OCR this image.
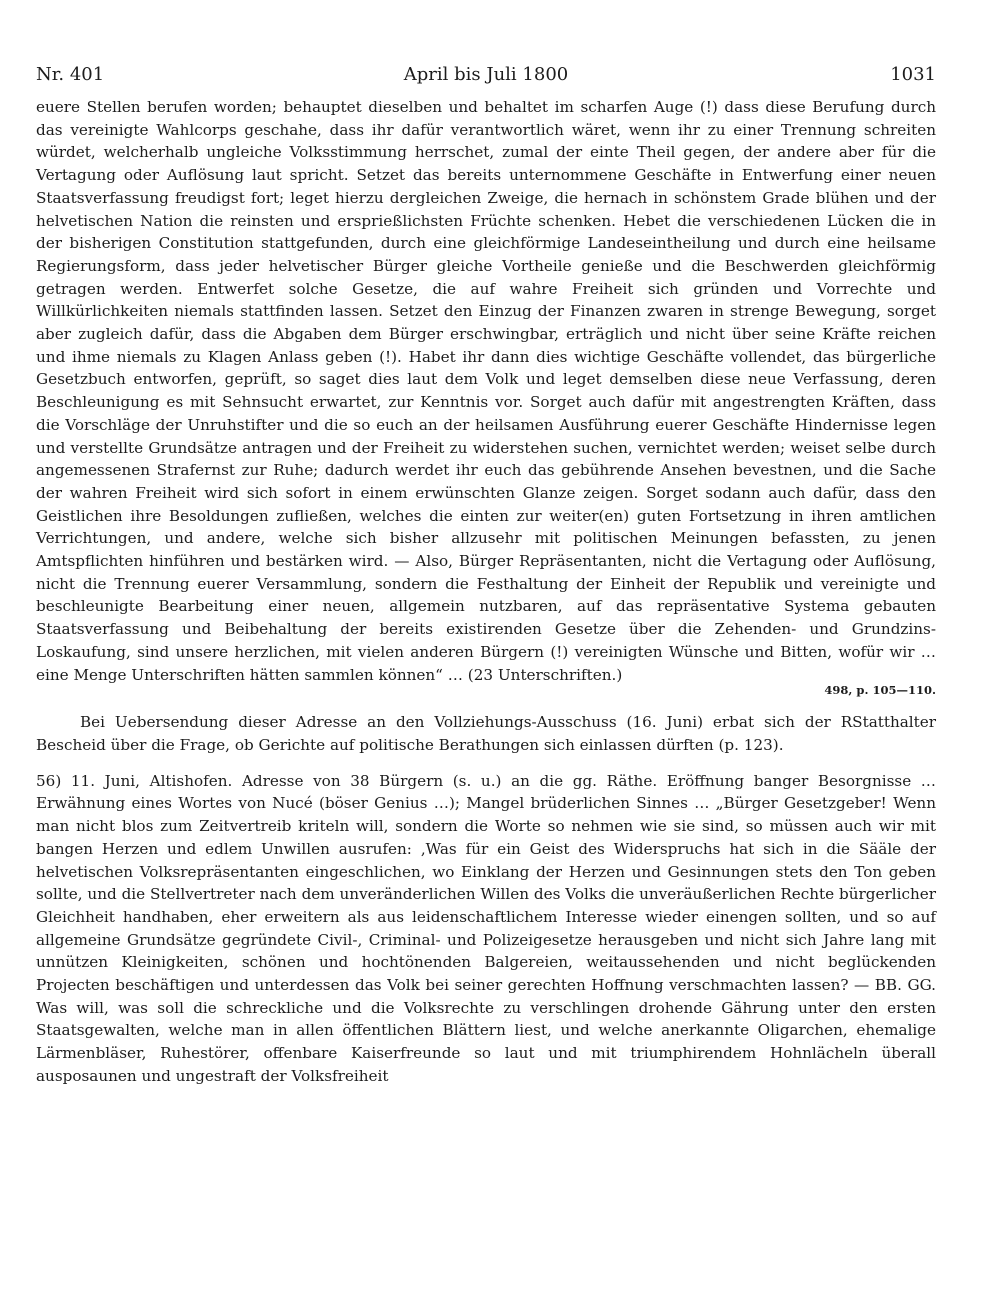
Nr. 401	April bis Juli 1800	1031

euere Stellen berufen worden; behauptet dieselben und behaltet im scharfen Auge (!) dass diese Berufung durch das vereinigte Wahlcorps geschahe, dass ihr dafür verantwortlich wäret, wenn ihr zu einer Trennung schreiten würdet, welcherhalb ungleiche Volksstimmung herrschet, zumal der einte Theil gegen, der andere aber für die Vertagung oder Auflösung laut spricht. Setzet das bereits unternommene Geschäfte in Entwerfung einer neuen Staatsverfassung freudigst fort; leget hierzu dergleichen Zweige, die hernach in schönstem Grade blühen und der helvetischen Nation die reinsten und ersprießlichsten Früchte schenken. Hebet die verschiedenen Lücken die in der bisherigen Constitution stattgefunden, durch eine gleichförmige Landeseintheilung und durch eine heilsame Regierungsform, dass jeder helvetischer Bürger gleiche Vortheile genieße und die Beschwerden gleichförmig getragen werden. Entwerfet solche Gesetze, die auf wahre Freiheit sich gründen und Vorrechte und Willkürlichkeiten niemals stattfinden lassen. Setzet den Einzug der Finanzen zwaren in strenge Bewegung, sorget aber zugleich dafür, dass die Abgaben dem Bürger erschwingbar, erträglich und nicht über seine Kräfte reichen und ihme niemals zu Klagen Anlass geben (!). Habet ihr dann dies wichtige Geschäfte vollendet, das bürgerliche Gesetzbuch entworfen, geprüft, so saget dies laut dem Volk und leget demselben diese neue Verfassung, deren Beschleunigung es mit Sehnsucht erwartet, zur Kenntnis vor. Sorget auch dafür mit angestrengten Kräften, dass die Vorschläge der Unruhstifter und die so euch an der heilsamen Ausführung euerer Geschäfte Hindernisse legen und verstellte Grundsätze antragen und der Freiheit zu widerstehen suchen, vernichtet werden; weiset selbe durch angemessenen Strafernst zur Ruhe; dadurch werdet ihr euch das gebührende Ansehen bevestnen, und die Sache der wahren Freiheit wird sich sofort in einem erwünschten Glanze zeigen. Sorget sodann auch dafür, dass den Geistlichen ihre Besoldungen zufließen, welches die einten zur weiter(en) guten Fortsetzung in ihren amtlichen Verrichtungen, und andere, welche sich bisher allzusehr mit politischen Meinungen befassten, zu jenen Amtspflichten hinführen und bestärken wird. — Also, Bürger Repräsentanten, nicht die Vertagung oder Auflösung, nicht die Trennung euerer Versammlung, sondern die Festhaltung der Einheit der Republik und vereinigte und beschleunigte Bearbeitung einer neuen, allgemein nutzbaren, auf das repräsentative Systema gebauten Staatsverfassung und Beibehaltung der bereits existirenden Gesetze über die Zehenden- und Grundzins-Loskaufung, sind unsere herzlichen, mit vielen anderen Bürgern (!) vereinigten Wünsche und Bitten, wofür wir … eine Menge Unterschriften hätten sammlen können“ … (23 Unterschriften.)

498, p. 105—110.

Bei Uebersendung dieser Adresse an den Vollziehungs-Ausschuss (16. Juni) erbat sich der RStatthalter Bescheid über die Frage, ob Gerichte auf politische Berathungen sich einlassen dürften (p. 123).

56) 11. Juni, Altishofen. Adresse von 38 Bürgern (s. u.) an die gg. Räthe. Eröffnung banger Besorgnisse … Erwähnung eines Wortes von Nucé (böser Genius …); Mangel brüderlichen Sinnes … „Bürger Gesetzgeber! Wenn man nicht blos zum Zeitvertreib kriteln will, sondern die Worte so nehmen wie sie sind, so müssen auch wir mit bangen Herzen und edlem Unwillen ausrufen: ‚Was für ein Geist des Widerspruchs hat sich in die Sääle der helvetischen Volksrepräsentanten eingeschlichen, wo Einklang der Herzen und Gesinnungen stets den Ton geben sollte, und die Stellvertreter nach dem unveränderlichen Willen des Volks die unveräußerlichen Rechte bürgerlicher Gleichheit handhaben, eher erweitern als aus leidenschaftlichem Interesse wieder einengen sollten, und so auf allgemeine Grundsätze gegründete Civil-, Criminal- und Polizeigesetze herausgeben und nicht sich Jahre lang mit unnützen Kleinigkeiten, schönen und hochtönenden Balgereien, weitaussehenden und nicht beglückenden Projecten beschäftigen und unterdessen das Volk bei seiner gerechten Hoffnung verschmachten lassen? — BB. GG. Was will, was soll die schreckliche und die Volksrechte zu verschlingen drohende Gährung unter den ersten Staatsgewalten, welche man in allen öffentlichen Blättern liest, und welche anerkannte Oligarchen, ehemalige Lärmenbläser, Ruhestörer, offenbare Kaiserfreunde so laut und mit triumphirendem Hohnlächeln überall ausposaunen und ungestraft der Volksfreiheit
